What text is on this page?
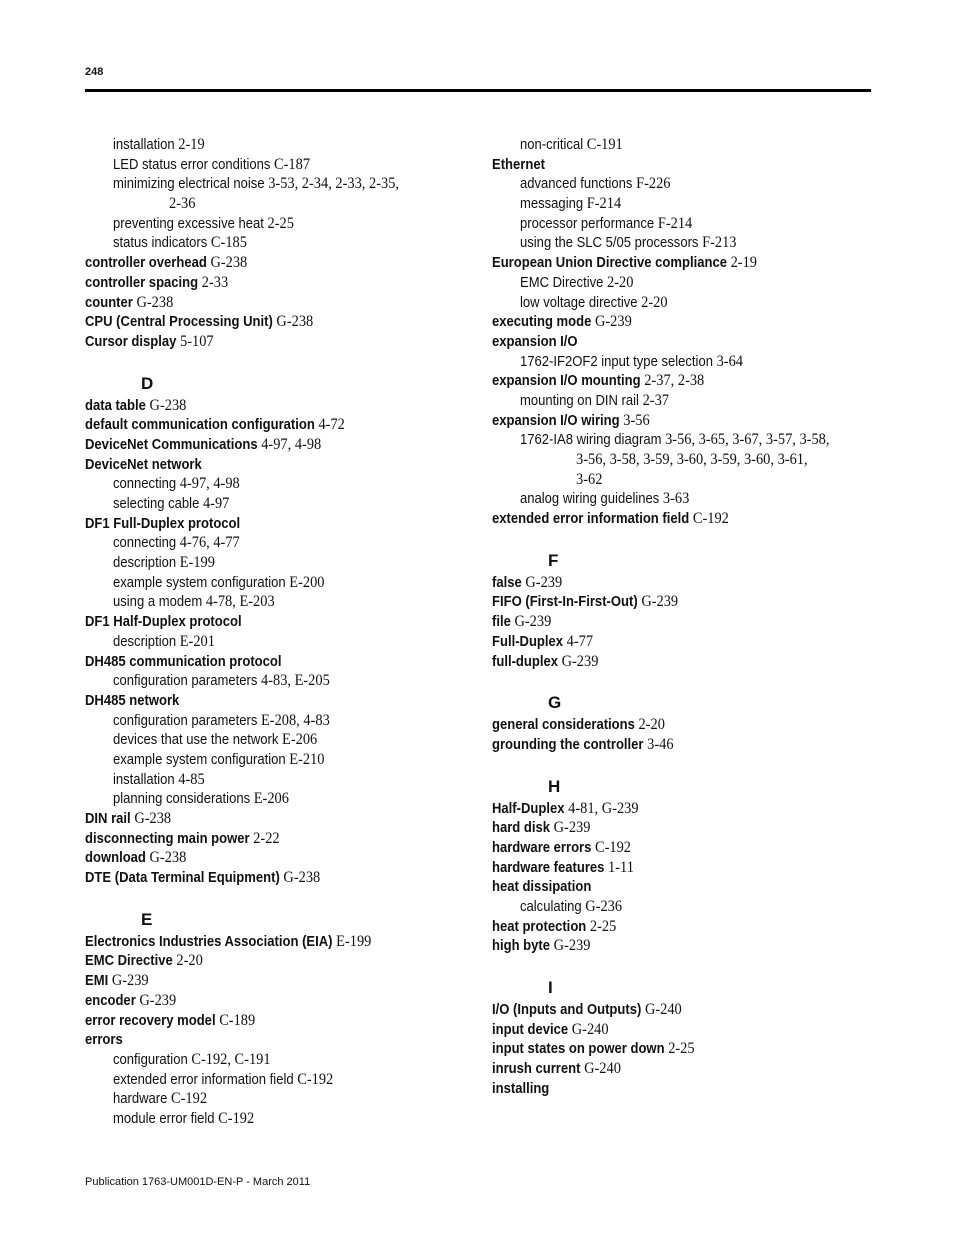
248
installation 2-19
LED status error conditions C-187
minimizing electrical noise 3-53, 2-34, 2-33, 2-35,
2-36
preventing excessive heat 2-25
status indicators C-185
controller overhead G-238
controller spacing 2-33
counter G-238
CPU (Central Processing Unit) G-238
Cursor display 5-107
D
data table G-238
default communication configuration 4-72
DeviceNet Communications 4-97, 4-98
DeviceNet network
connecting 4-97, 4-98
selecting cable 4-97
DF1 Full-Duplex protocol
connecting 4-76, 4-77
description E-199
example system configuration E-200
using a modem 4-78, E-203
DF1 Half-Duplex protocol
description E-201
DH485 communication protocol
configuration parameters 4-83, E-205
DH485 network
configuration parameters E-208, 4-83
devices that use the network E-206
example system configuration E-210
installation 4-85
planning considerations E-206
DIN rail G-238
disconnecting main power 2-22
download G-238
DTE (Data Terminal Equipment) G-238
E
Electronics Industries Association (EIA) E-199
EMC Directive 2-20
EMI G-239
encoder G-239
error recovery model C-189
errors
configuration C-192, C-191
extended error information field C-192
hardware C-192
module error field C-192
non-critical C-191
Ethernet
advanced functions F-226
messaging F-214
processor performance F-214
using the SLC 5/05 processors F-213
European Union Directive compliance 2-19
EMC Directive 2-20
low voltage directive 2-20
executing mode G-239
expansion I/O
1762-IF2OF2 input type selection 3-64
expansion I/O mounting 2-37, 2-38
mounting on DIN rail 2-37
expansion I/O wiring 3-56
1762-IA8 wiring diagram 3-56, 3-65, 3-67, 3-57, 3-58,
3-56, 3-58, 3-59, 3-60, 3-59, 3-60, 3-61,
3-62
analog wiring guidelines 3-63
extended error information field C-192
F
false G-239
FIFO (First-In-First-Out) G-239
file G-239
Full-Duplex 4-77
full-duplex G-239
G
general considerations 2-20
grounding the controller 3-46
H
Half-Duplex 4-81, G-239
hard disk G-239
hardware errors C-192
hardware features 1-11
heat dissipation
calculating G-236
heat protection 2-25
high byte G-239
I
I/O (Inputs and Outputs) G-240
input device G-240
input states on power down 2-25
inrush current G-240
installing
Publication 1763-UM001D-EN-P - March 2011
